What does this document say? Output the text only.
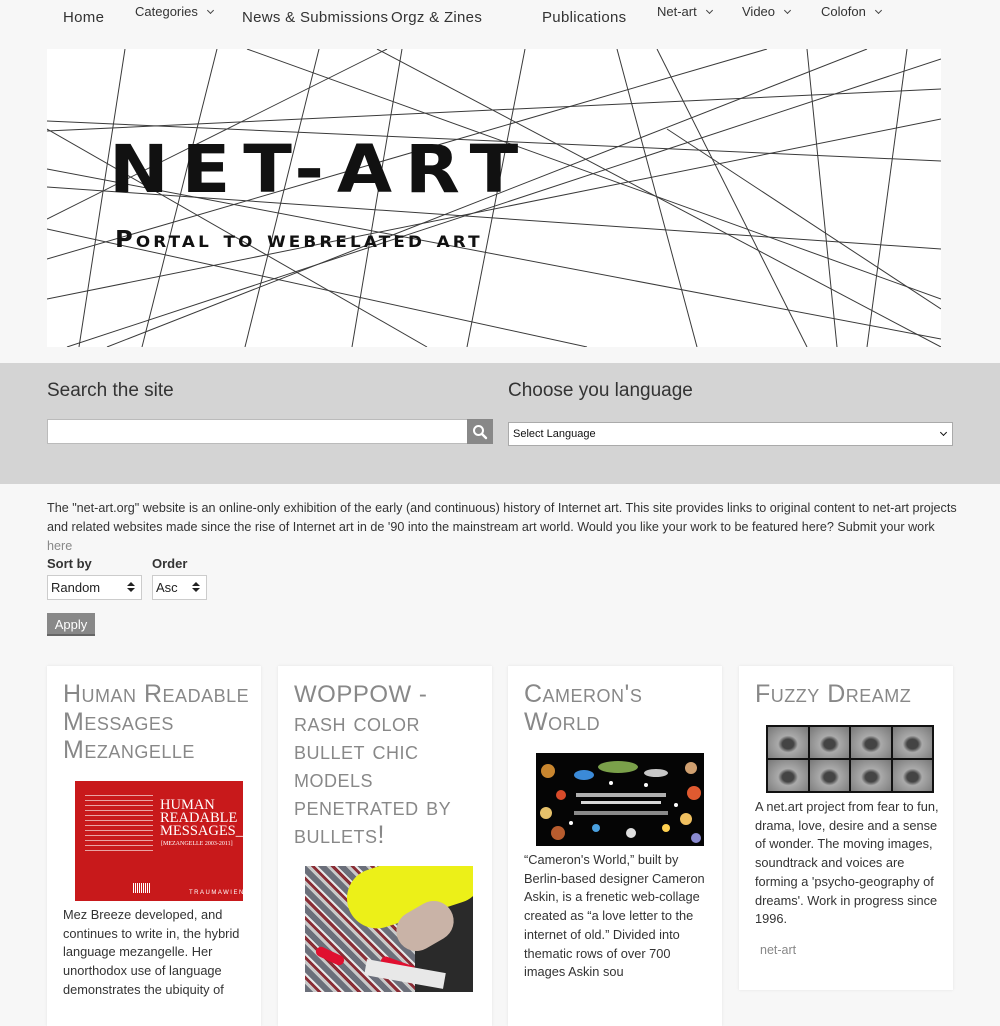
Home Categories	News & Submissions Orgz & Zines	Publications Net-art	Video	Colofon
NET-ART
Portal to webrelated art
Search the site	Choose you language
Select Language
The "net-art.org" website is an online-only exhibition of the early (and continuous) history of Internet art. This site provides links to original content to net-art projects and related websites made since the rise of Internet art in de '90 into the mainstream art world. Would you like your work to be featured here? Submit your work
here
Sort by	Order
Random	Asc
Apply
Human Readable Messages Mezangelle
HUMAN READABLE MESSAGES_
[MEZANGELLE 2003-2011]
TRAUMAWIEN
Mez Breeze developed, and continues to write in, the hybrid language mezangelle. Her unorthodox use of language demonstrates the ubiquity of
WOPPOW - rash color bullet chic models penetrated by bullets!
Cameron's World
“Cameron's World,” built by Berlin-based designer Cameron Askin, is a frenetic web-collage created as “a love letter to the internet of old.” Divided into thematic rows of over 700 images Askin sou
Fuzzy Dreamz
A net.art project from fear to fun, drama, love, desire and a sense of wonder. The moving images, soundtrack and voices are forming a 'psycho-geography of dreams'. Work in progress since 1996.
net-art
